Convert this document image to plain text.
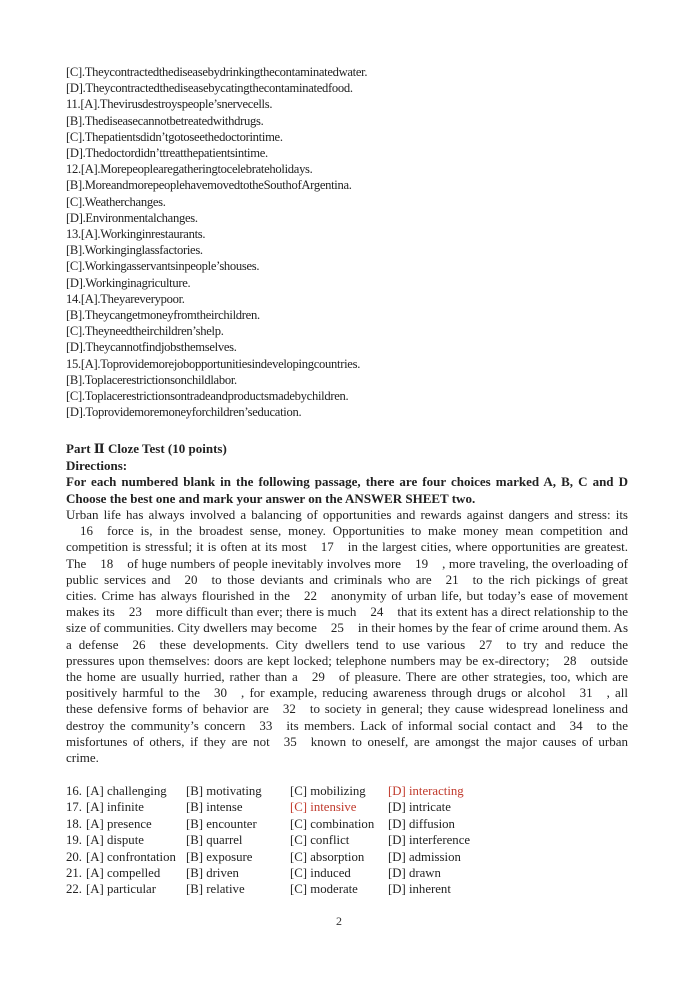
[C].Theycontractedthediseasebydrinkingthecontaminatedwater.
[D].Theycontractedthediseasebycatingthecontaminatedfood.
11.[A].Thevirusdestroyspeople’snervecells.
[B].Thediseasecannotbetreatedwithdrugs.
[C].Thepatientsdidn’tgotoseethedoctorintime.
[D].Thedoctordidn’ttreatthepatientsintime.
12.[A].Morepeoplearegatheringtocelebrateholidays.
[B].MoreandmorepeoplehavemovedtotheSouthofArgentina.
[C].Weatherchanges.
[D].Environmentalchanges.
13.[A].Workinginrestaurants.
[B].Workinginglassfactories.
[C].Workingasservantsinpeople’shouses.
[D].Workinginagriculture.
14.[A].Theyareverypoor.
[B].Theycangetmoneyfromtheirchildren.
[C].Theyneedtheirchildren’shelp.
[D].Theycannotfindjobsthemselves.
15.[A].Toprovidemorejobopportunitiesindevelopingcountries.
[B].Toplacerestrictionsonchildlabor.
[C].Toplacerestrictionsontradeandproductsmadebychildren.
[D].Toprovidemoremoneyforchildren’seducation.
Part Ⅱ Cloze Test (10 points)
Directions:
For each numbered blank in the following passage, there are four choices marked A, B, C and D Choose the best one and mark your answer on the ANSWER SHEET two.

Urban life has always involved a balancing of opportunities and rewards against dangers and stress: its16 force is, in the broadest sense, money. Opportunities to make money mean competition and competition is stressful; it is often at its most 17 in the largest cities, where opportunities are greatest. The 18 of huge numbers of people inevitably involves more 19 , more traveling, the overloading of public services and 20 to those deviants and criminals who are 21 to the rich pickings of great cities. Crime has always flourished in the 22 anonymity of urban life, but today’s ease of movement makes its 23 more difficult than ever; there is much 24 that its extent has a direct relationship to the size of communities. City dwellers may become 25 in their homes by the fear of crime around them. As a defense 26 these developments. City dwellers tend to use various 27 to try and reduce the pressures upon themselves: doors are kept locked; telephone numbers may be ex-directory; 28 outside the home are usually hurried, rather than a 29 of pleasure. There are other strategies, too, which are positively harmful to the 30 , for example, reducing awareness through drugs or alcohol 31 , all these defensive forms of behavior are 32 to society in general; they cause widespread loneliness and destroy the community’s concern 33 its members. Lack of informal social contact and 34 to the misfortunes of others, if they are not 35 known to oneself, are amongst the major causes of urban crime.

16. [A] challenging	[B] motivating	[C] mobilizing	[D] interacting
17. [A] infinite	[B] intense	[C] intensive	[D] intricate
18. [A] presence	[B] encounter	[C] combination	[D] diffusion
19. [A] dispute	[B] quarrel	[C] conflict	[D] interference
20. [A] confrontation [B] exposure	[C] absorption	[D] admission
21. [A] compelled	[B] driven	[C] induced	[D] drawn
22. [A] particular	[B] relative	[C] moderate	[D] inherent
2
